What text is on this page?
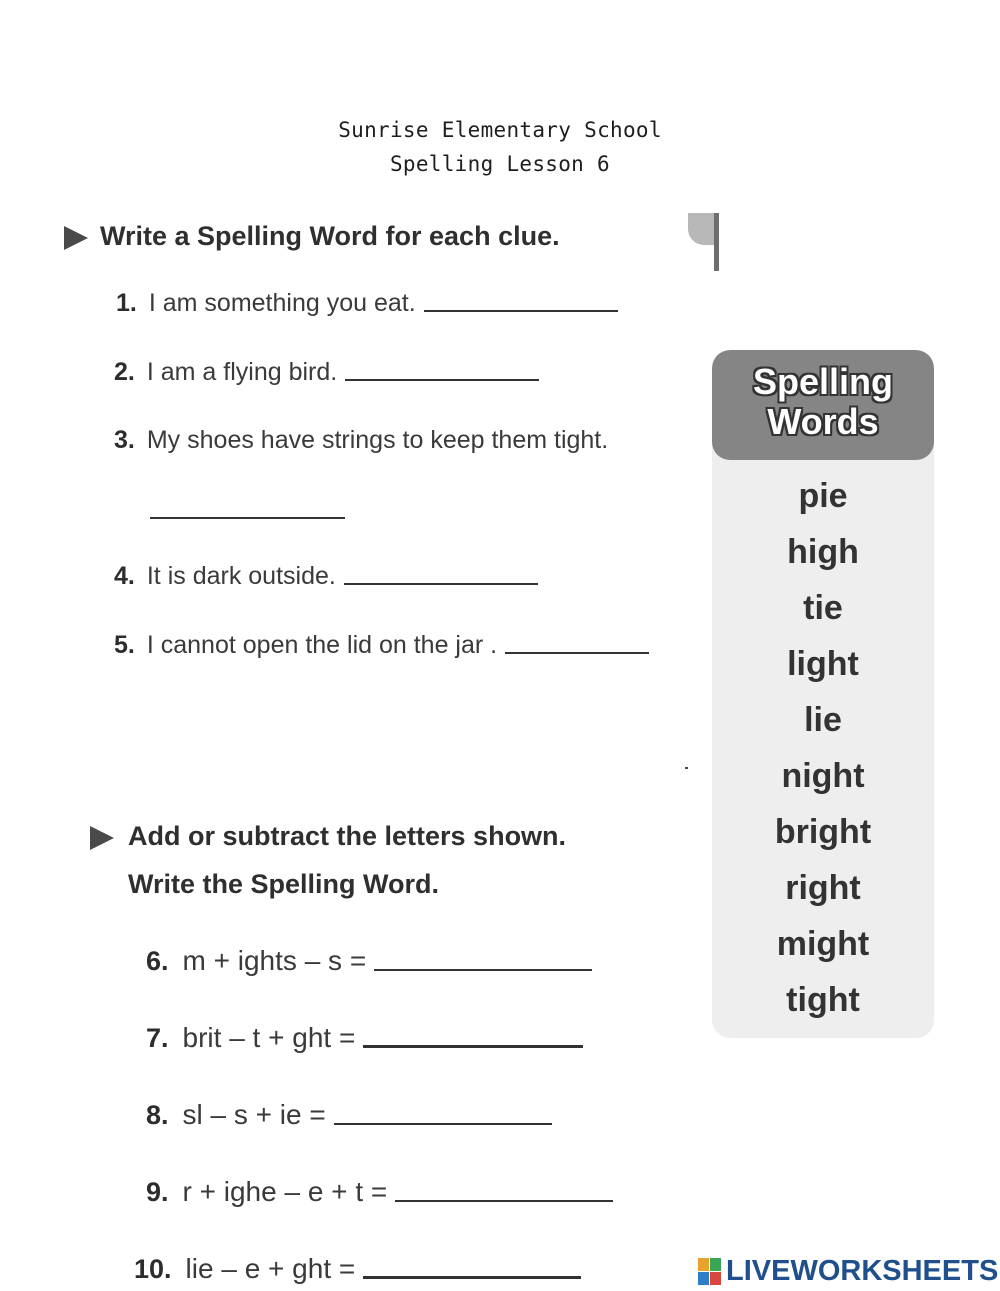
Sunrise Elementary School
Spelling Lesson 6
Write a Spelling Word for each clue.
1. I am something you eat.
2. I am a flying bird.
3. My shoes have strings to keep them tight.
4. It is dark outside.
5. I cannot open the lid on the jar .
Add or subtract the letters shown.
Write the Spelling Word.
6. m + ights – s =
7. brit – t + ght =
8. sl – s + ie =
9. r + ighe – e + t =
10. lie – e + ght =
Spelling
Words
pie
high
tie
light
lie
night
bright
right
might
tight
LIVEWORKSHEETS
